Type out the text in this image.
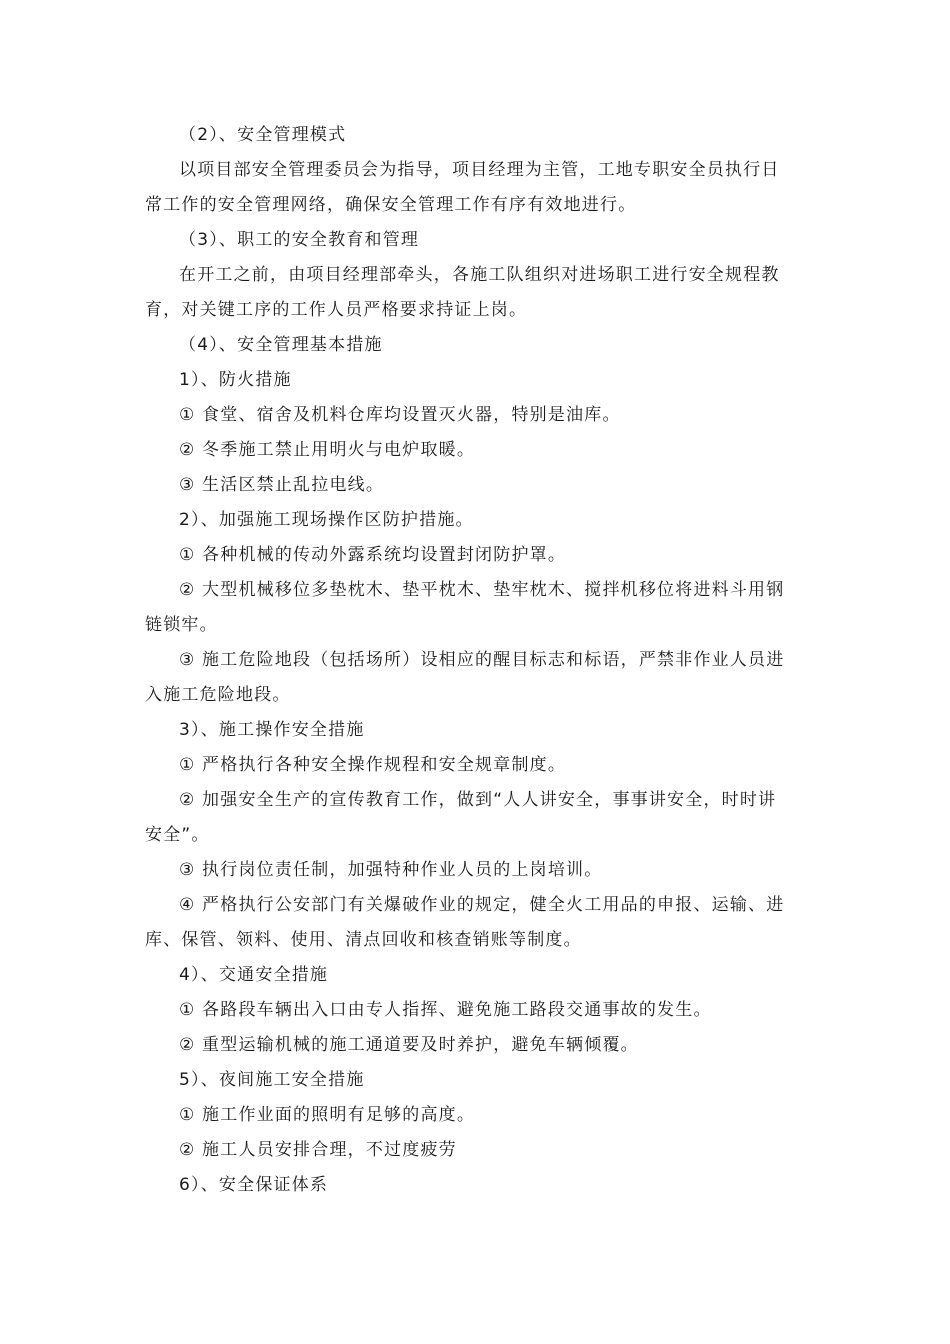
（2）、安全管理模式
以项目部安全管理委员会为指导，项目经理为主管，工地专职安全员执行日
常工作的安全管理网络，确保安全管理工作有序有效地进行。
（3）、职工的安全教育和管理
在开工之前，由项目经理部牵头，各施工队组织对进场职工进行安全规程教
育，对关键工序的工作人员严格要求持证上岗。
（4）、安全管理基本措施
1）、防火措施
① 食堂、宿舍及机料仓库均设置灭火器，特别是油库。
② 冬季施工禁止用明火与电炉取暖。
③ 生活区禁止乱拉电线。
2）、加强施工现场操作区防护措施。
① 各种机械的传动外露系统均设置封闭防护罩。
② 大型机械移位多垫枕木、垫平枕木、垫牢枕木、搅拌机移位将进料斗用钢
链锁牢。
③ 施工危险地段（包括场所）设相应的醒目标志和标语，严禁非作业人员进
入施工危险地段。
3）、施工操作安全措施
① 严格执行各种安全操作规程和安全规章制度。
② 加强安全生产的宣传教育工作，做到“人人讲安全，事事讲安全，时时讲
安全”。
③ 执行岗位责任制，加强特种作业人员的上岗培训。
④ 严格执行公安部门有关爆破作业的规定，健全火工用品的申报、运输、进
库、保管、领料、使用、清点回收和核查销账等制度。
4）、交通安全措施
① 各路段车辆出入口由专人指挥、避免施工路段交通事故的发生。
② 重型运输机械的施工通道要及时养护，避免车辆倾覆。
5）、夜间施工安全措施
① 施工作业面的照明有足够的高度。
② 施工人员安排合理，不过度疲劳
6）、安全保证体系
